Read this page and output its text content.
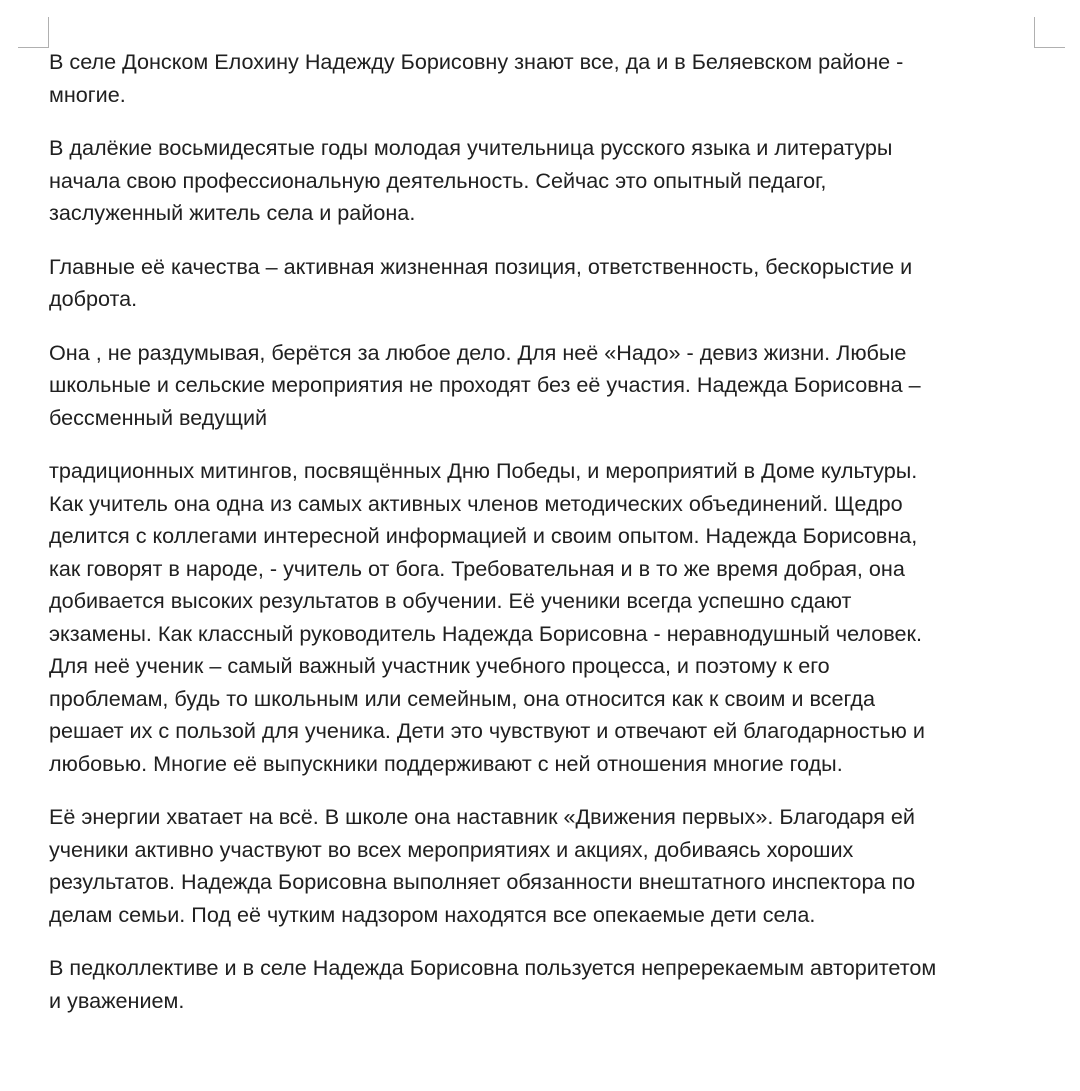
В селе Донском Елохину Надежду Борисовну знают все, да и в Беляевском районе -
многие.

В далёкие восьмидесятые годы молодая учительница русского языка и литературы
начала свою профессиональную деятельность. Сейчас это опытный педагог,
заслуженный житель села и района.

Главные её качества – активная жизненная позиция, ответственность, бескорыстие и
доброта.

Она , не раздумывая, берётся за любое дело. Для неё «Надо» - девиз жизни. Любые
школьные и сельские мероприятия не проходят без её участия. Надежда Борисовна –
бессменный ведущий

традиционных митингов, посвящённых Дню Победы, и мероприятий в Доме культуры.
Как учитель она одна из самых активных членов методических объединений. Щедро
делится с коллегами интересной информацией и своим опытом. Надежда Борисовна,
как говорят в народе, - учитель от бога. Требовательная и в то же время добрая, она
добивается высоких результатов в обучении. Её ученики всегда успешно сдают
экзамены. Как классный руководитель Надежда Борисовна - неравнодушный человек.
Для неё ученик – самый важный участник учебного процесса, и поэтому к его
проблемам, будь то школьным или семейным, она относится как к своим и всегда
решает их с пользой для ученика. Дети это чувствуют и отвечают ей благодарностью и
любовью. Многие её выпускники поддерживают с ней отношения многие годы.

Её энергии хватает на всё. В школе она наставник «Движения первых». Благодаря ей
ученики активно участвуют во всех мероприятиях и акциях, добиваясь хороших
результатов. Надежда Борисовна выполняет обязанности внештатного инспектора по
делам семьи. Под её чутким надзором находятся все опекаемые дети села.

В педколлективе и в селе Надежда Борисовна пользуется непререкаемым авторитетом
и уважением.
